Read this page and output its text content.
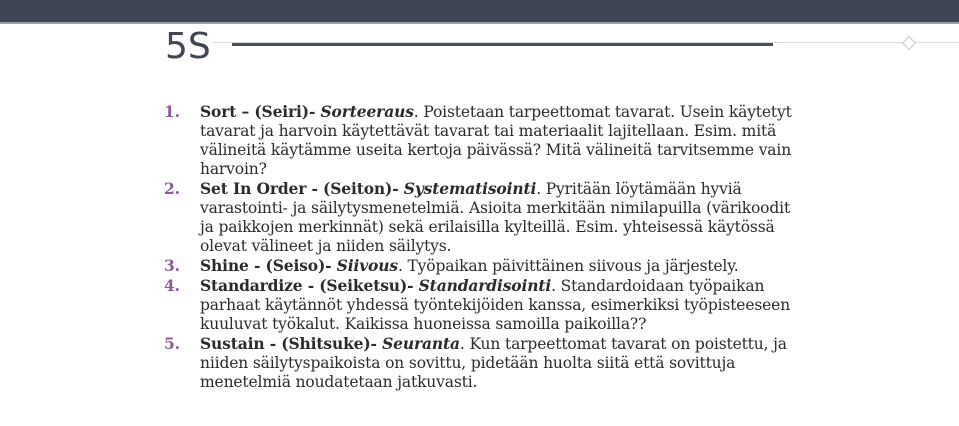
5S
1. Sort – (Seiri)- Sorteeraus. Poistetaan tarpeettomat tavarat. Usein käytetyt tavarat ja harvoin käytettävät tavarat tai materiaalit lajitellaan. Esim. mitä välineitä käytämme useita kertoja päivässä? Mitä välineitä tarvitsemme vain harvoin?
2. Set In Order - (Seiton)- Systematisointi. Pyritään löytämään hyviä varastointi- ja säilytysmenetelmiä. Asioita merkitään nimilapuilla (värikoodit ja paikkojen merkinnät) sekä erilaisilla kylteillä. Esim. yhteisessä käytössä olevat välineet ja niiden säilytys.
3. Shine - (Seiso)- Siivous. Työpaikan päivittäinen siivous ja järjestely.
4. Standardize - (Seiketsu)- Standardisointi. Standardoidaan työpaikan parhaat käytännöt yhdessä työntekijöiden kanssa, esimerkiksi työpisteeseen kuuluvat työkalut. Kaikissa huoneissa samoilla paikoilla??
5. Sustain - (Shitsuke)- Seuranta. Kun tarpeettomat tavarat on poistettu, ja niiden säilytyspaikoista on sovittu, pidetään huolta siitä että sovittuja menetelmiä noudatetaan jatkuvasti.
